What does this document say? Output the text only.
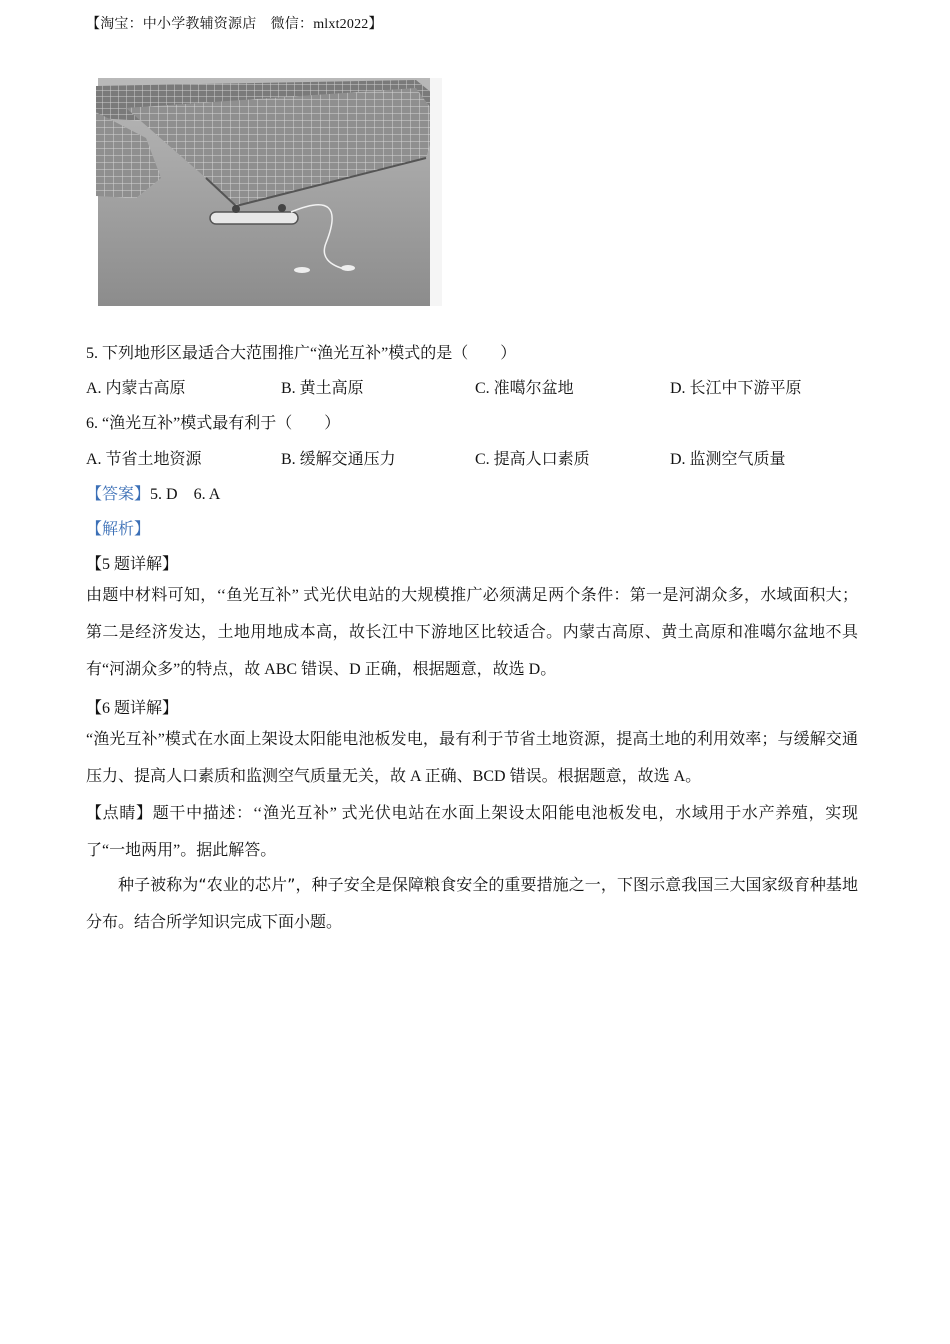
【淘宝：中小学教辅资源店　微信：mlxt2022】
5. 下列地形区最适合大范围推广“渔光互补”模式的是（　　）
A. 内蒙古高原	B. 黄土高原	C. 准噶尔盆地	D. 长江中下游平原
6. “渔光互补”模式最有利于（　　）
A. 节省土地资源	B. 缓解交通压力	C. 提高人口素质	D. 监测空气质量
【答案】5. D　6. A
【解析】
【5 题详解】
由题中材料可知，‘‘鱼光互补” 式光伏电站的大规模推广必须满足两个条件：第一是河湖众多，水域面积大；第二是经济发达，土地用地成本高，故长江中下游地区比较适合。内蒙古高原、黄土高原和准噶尔盆地不具有“河湖众多”的特点，故 ABC 错误、D 正确，根据题意，故选 D。
【6 题详解】
“渔光互补”模式在水面上架设太阳能电池板发电，最有利于节省土地资源，提高土地的利用效率；与缓解交通压力、提高人口素质和监测空气质量无关，故 A 正确、BCD 错误。根据题意，故选 A。
【点睛】题干中描述：‘‘渔光互补” 式光伏电站在水面上架设太阳能电池板发电，水域用于水产养殖，实现了“一地两用”。据此解答。
种子被称为“农业的芯片”，种子安全是保障粮食安全的重要措施之一，下图示意我国三大国家级育种基地分布。结合所学知识完成下面小题。
